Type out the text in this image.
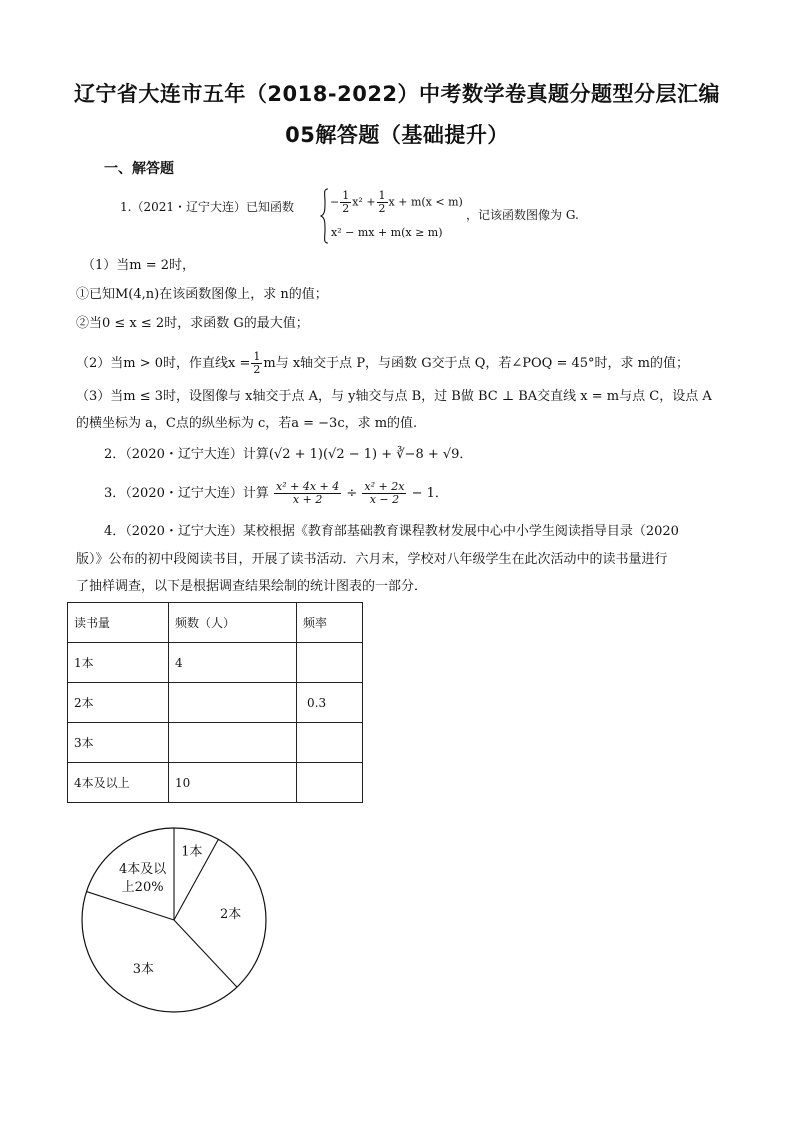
辽宁省大连市五年（2018-2022）中考数学卷真题分题型分层汇编
05解答题（基础提升）
一、解答题
1.（2021・辽宁大连）已知函数	− $\frac{1}{2} x^2 + \frac{1}{2}$ x + m(x < m)
x² − mx + m(x ≥ m)
，记该函数图像为 G.
（1）当m = 2时，
①已知M(4,n)在该函数图像上，求 n的值；
②当0 ≤ x ≤ 2时，求函数 G的最大值；
（2）当m > 0时，作直线$x = \frac{1}{2}$ m与 x轴交于点 P，与函数 G交于点 Q，若∠POQ = 45°时，求 m的值；
（3）当m ≤ 3时，设图像与 x轴交于点 A，与 y轴交与点 B，过 B做 BC ⊥ BA交直线 x = m与点 C，设点 A
的横坐标为 a，C点的纵坐标为 c，若a = −3c，求 m的值.
2．（2020・辽宁大连）计算(√2 + 1)(√2 − 1) + ∛−8 + √9．
3．（2020・辽宁大连）计算 $\frac{\text{x² + 4x + 4}}{x + 2} \div \frac{\text{x² + 2x}}{x - 2} - 1$．
4．（2020・辽宁大连）某校根据《教育部基础教育课程教材发展中心中小学生阅读指导目录（2020
版）》公布的初中段阅读书目，开展了读书活动．六月末，学校对八年级学生在此次活动中的读书量进行
了抽样调查，以下是根据调查结果绘制的统计图表的一部分．
读书量	频数（人）	频率
1本	4	
2本		0.3
3本		
4本及以上	10	
1本
2本
3本
4本及以
上20%
